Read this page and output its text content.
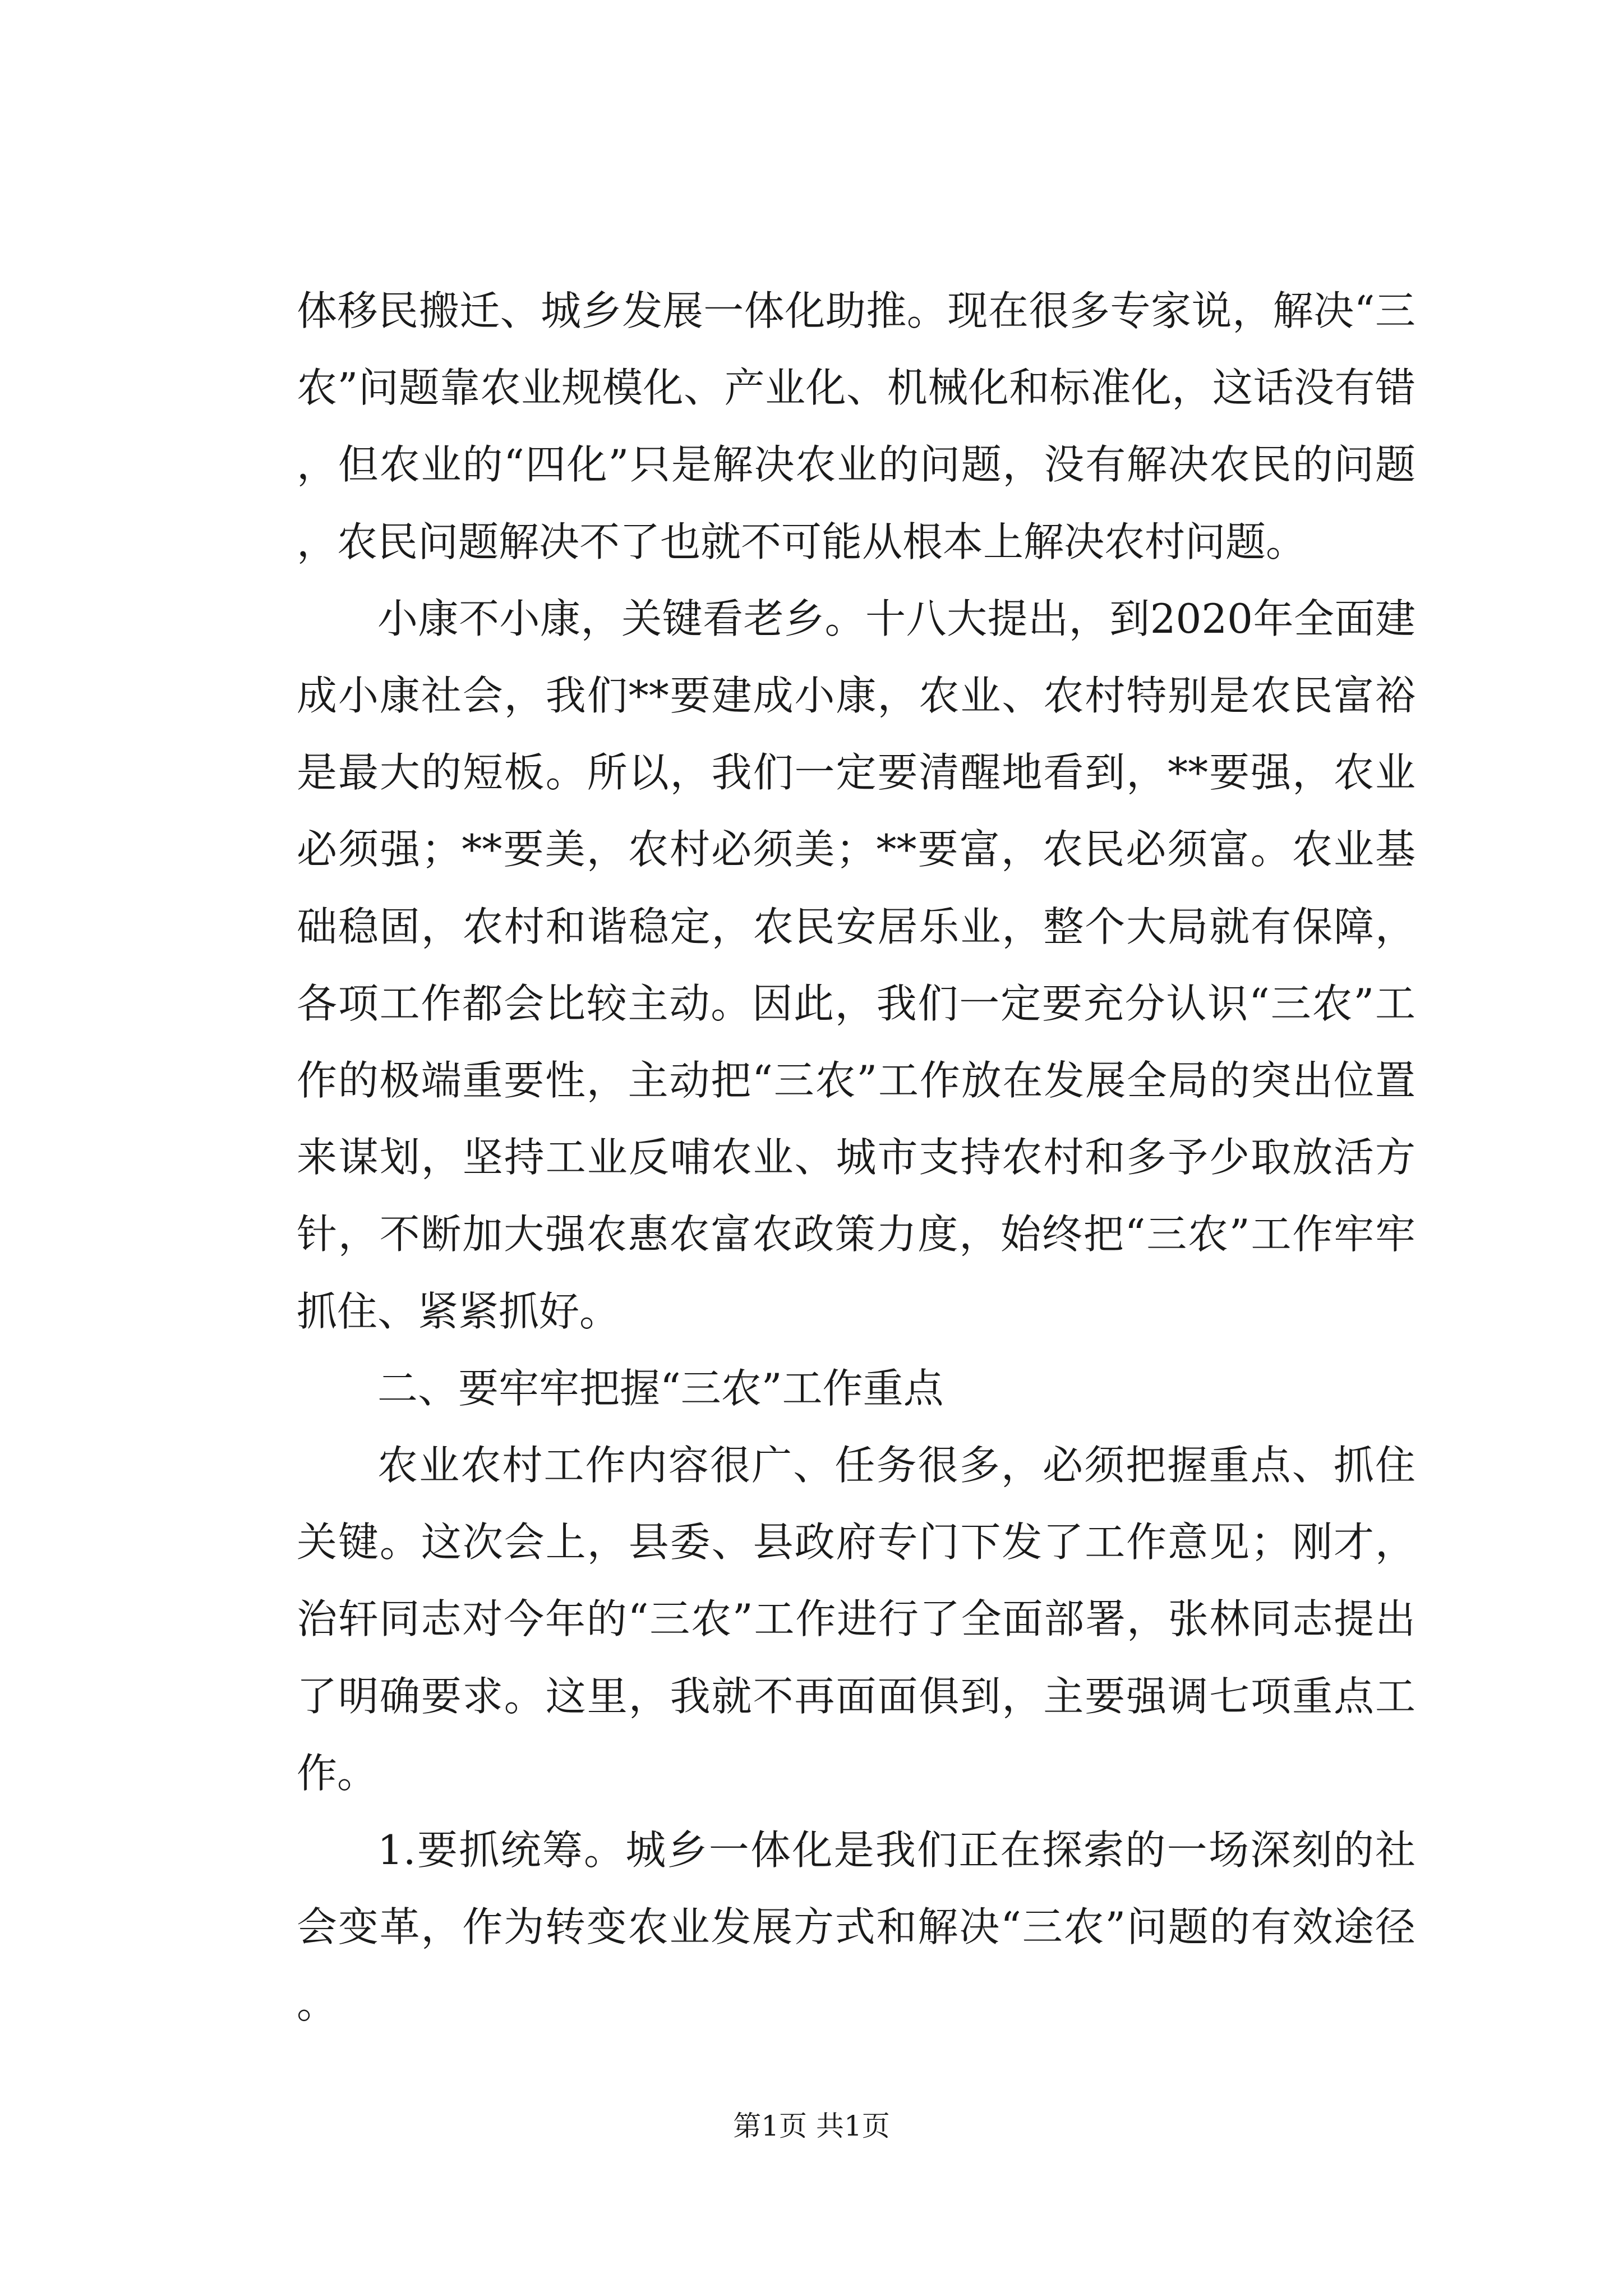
体移民搬迁、城乡发展一体化助推。现在很多专家说，解决“三农”问题靠农业规模化、产业化、机械化和标准化，这话没有错，但农业的“四化”只是解决农业的问题，没有解决农民的问题，农民问题解决不了也就不可能从根本上解决农村问题。

小康不小康，关键看老乡。十八大提出，到2020年全面建成小康社会，我们**要建成小康，农业、农村特别是农民富裕是最大的短板。所以，我们一定要清醒地看到，**要强，农业必须强；**要美，农村必须美；**要富，农民必须富。农业基础稳固，农村和谐稳定，农民安居乐业，整个大局就有保障，各项工作都会比较主动。因此，我们一定要充分认识“三农”工作的极端重要性，主动把“三农”工作放在发展全局的突出位置来谋划，坚持工业反哺农业、城市支持农村和多予少取放活方针，不断加大强农惠农富农政策力度，始终把“三农”工作牢牢抓住、紧紧抓好。

二、要牢牢把握“三农”工作重点

农业农村工作内容很广、任务很多，必须把握重点、抓住关键。这次会上，县委、县政府专门下发了工作意见；刚才，治轩同志对今年的“三农”工作进行了全面部署，张林同志提出了明确要求。这里，我就不再面面俱到，主要强调七项重点工作。

1.要抓统筹。城乡一体化是我们正在探索的一场深刻的社会变革，作为转变农业发展方式和解决“三农”问题的有效途径。

第1页 共1页
